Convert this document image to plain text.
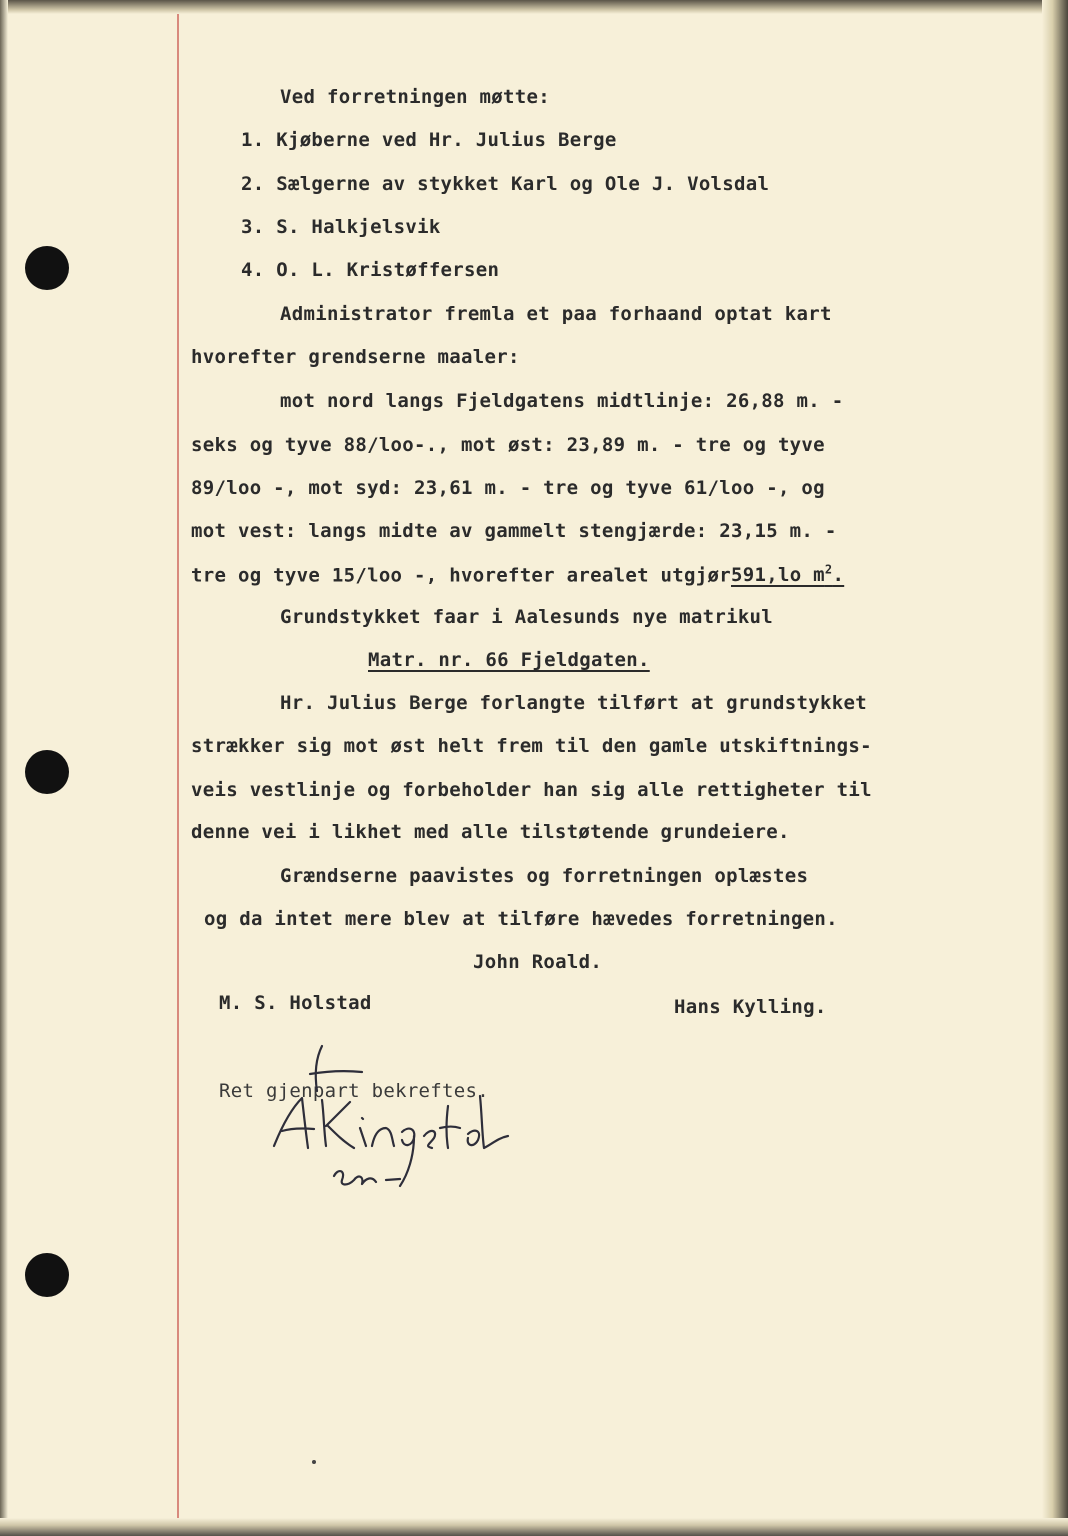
Ved forretningen møtte:
1. Kjøberne ved Hr. Julius Berge
2. Sælgerne av stykket Karl og Ole J. Volsdal
3. S. Halkjelsvik
4. O. L. Kristøffersen
Administrator fremla et paa forhaand optat kart
hvorefter grendserne maaler:
mot nord langs Fjeldgatens midtlinje: 26,88 m. -
seks og tyve 88/loo-., mot øst: 23,89 m. - tre og tyve
89/loo -, mot syd: 23,61 m. - tre og tyve 61/loo -, og
mot vest: langs midte av gammelt stengjærde: 23,15 m. -
tre og tyve 15/loo -, hvorefter arealet utgjør591,lo $m^2$.
Grundstykket faar i Aalesunds nye matrikul
Matr. nr. 66 Fjeldgaten.
Hr. Julius Berge forlangte tilført at grundstykket
strækker sig mot øst helt frem til den gamle utskiftnings-
veis vestlinje og forbeholder han sig alle rettigheter til
denne vei i likhet med alle tilstøtende grundeiere.
Grændserne paavistes og forretningen oplæstes
og da intet mere blev at tilføre hævedes forretningen.
John Roald.
M. S. Holstad	Hans Kylling.
Ret gjenpart bekreftes.
